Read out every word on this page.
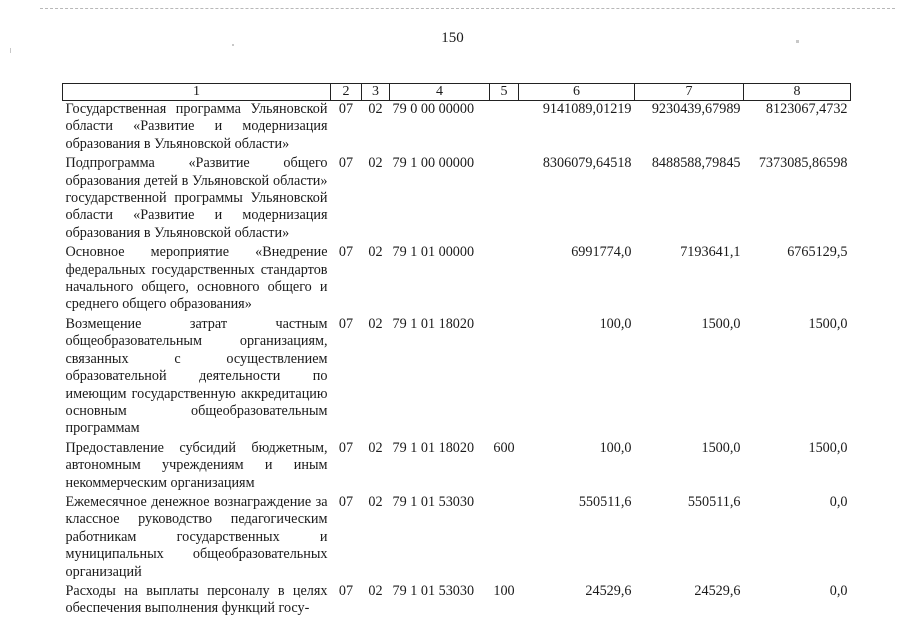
150
1	2	3	4	5	6	7	8
Государственная программа Ульяновской области «Развитие и модернизация образования в Ульяновской области»	07	02	79 0 00 00000		9141089,01219	9230439,67989	8123067,4732
Подпрограмма «Развитие общего образования детей в Ульяновской области» государственной программы Ульяновской области «Развитие и модернизация образования в Ульяновской области»	07	02	79 1 00 00000		8306079,64518	8488588,79845	7373085,86598
Основное мероприятие «Внедрение федеральных государственных стандартов начального общего, основного общего и среднего общего образования»	07	02	79 1 01 00000		6991774,0	7193641,1	6765129,5
Возмещение затрат частным общеобразовательным организациям, связанных с осуществлением образовательной деятельности по имеющим государственную аккредитацию основным общеобразовательным программам	07	02	79 1 01 18020		100,0	1500,0	1500,0
Предоставление субсидий бюджетным, автономным учреждениям и иным некоммерческим организациям	07	02	79 1 01 18020	600	100,0	1500,0	1500,0
Ежемесячное денежное вознаграждение за классное руководство педагогическим работникам государственных и муниципальных общеобразовательных организаций	07	02	79 1 01 53030		550511,6	550511,6	0,0
Расходы на выплаты персоналу в целях обеспечения выполнения функций госу-	07	02	79 1 01 53030	100	24529,6	24529,6	0,0
